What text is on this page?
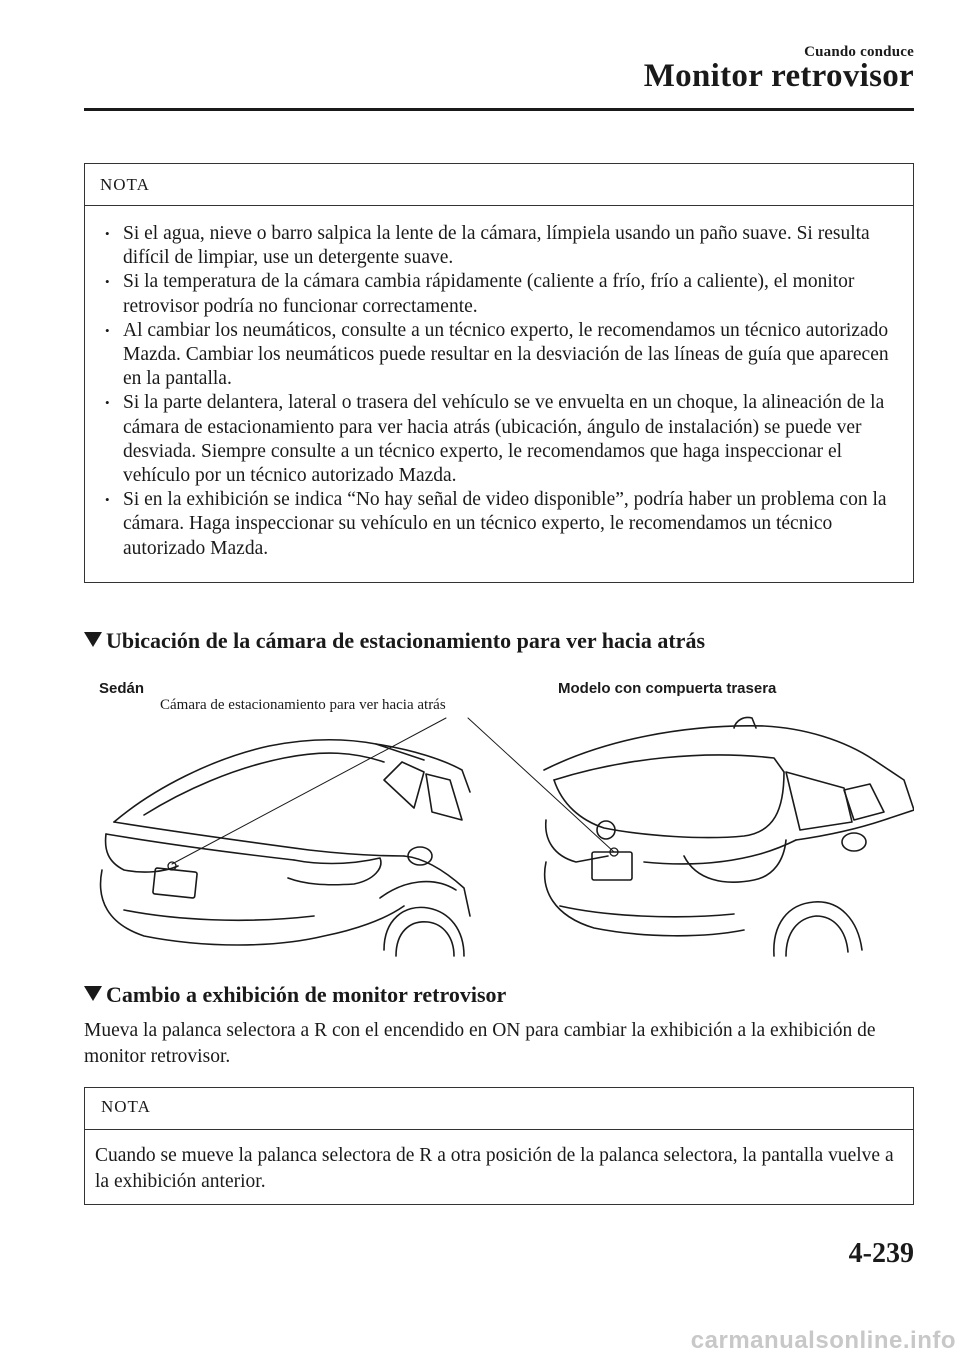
Cuando conduce
Monitor retrovisor
NOTA
• Si el agua, nieve o barro salpica la lente de la cámara, límpiela usando un paño suave. Si resulta difícil de limpiar, use un detergente suave.
• Si la temperatura de la cámara cambia rápidamente (caliente a frío, frío a caliente), el monitor retrovisor podría no funcionar correctamente.
• Al cambiar los neumáticos, consulte a un técnico experto, le recomendamos un técnico autorizado Mazda. Cambiar los neumáticos puede resultar en la desviación de las líneas de guía que aparecen en la pantalla.
• Si la parte delantera, lateral o trasera del vehículo se ve envuelta en un choque, la alineación de la cámara de estacionamiento para ver hacia atrás (ubicación, ángulo de instalación) se puede ver desviada. Siempre consulte a un técnico experto, le recomendamos que haga inspeccionar el vehículo por un técnico autorizado Mazda.
• Si en la exhibición se indica “No hay señal de video disponible”, podría haber un problema con la cámara. Haga inspeccionar su vehículo en un técnico experto, le recomendamos un técnico autorizado Mazda.
Ubicación de la cámara de estacionamiento para ver hacia atrás
Sedán	Modelo con compuerta trasera
Cámara de estacionamiento para ver hacia atrás
Cambio a exhibición de monitor retrovisor
Mueva la palanca selectora a R con el encendido en ON para cambiar la exhibición a la exhibición de monitor retrovisor.
NOTA
Cuando se mueve la palanca selectora de R a otra posición de la palanca selectora, la pantalla vuelve a la exhibición anterior.
4-239
carmanualsonline.info
